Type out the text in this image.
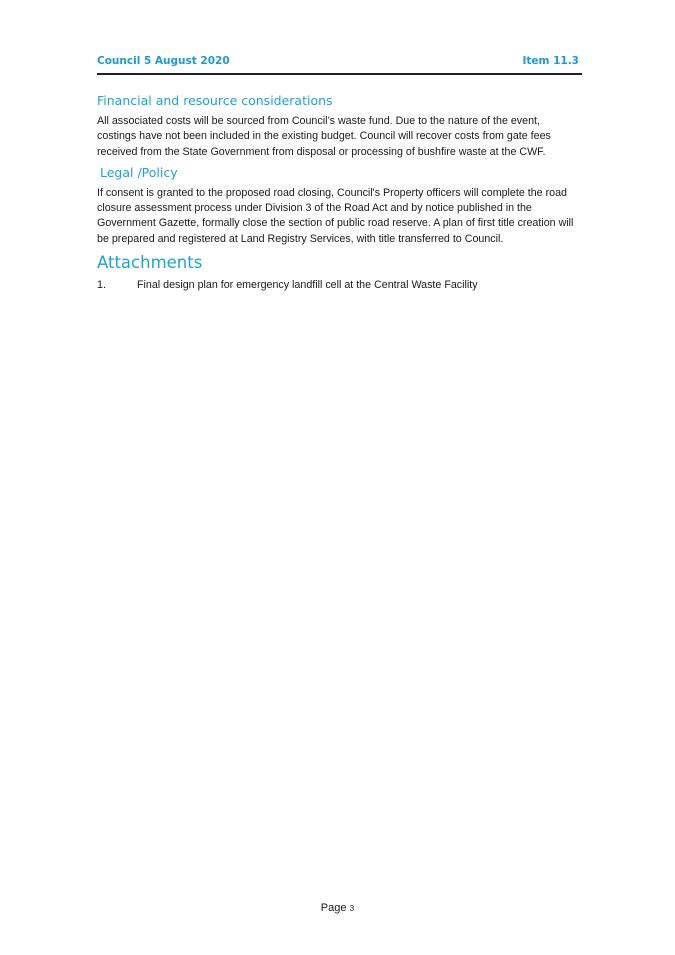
Council 5 August 2020	Item 11.3
Financial and resource considerations

All associated costs will be sourced from Council’s waste fund. Due to the nature of the event, costings have not been included in the existing budget. Council will recover costs from gate fees received from the State Government from disposal or processing of bushfire waste at the CWF.

Legal /Policy

If consent is granted to the proposed road closing, Council's Property officers will complete the road closure assessment process under Division 3 of the Road Act and by notice published in the Government Gazette, formally close the section of public road reserve. A plan of first title creation will be prepared and registered at Land Registry Services, with title transferred to Council.

Attachments
1.	Final design plan for emergency landfill cell at the Central Waste Facility
Page 3
